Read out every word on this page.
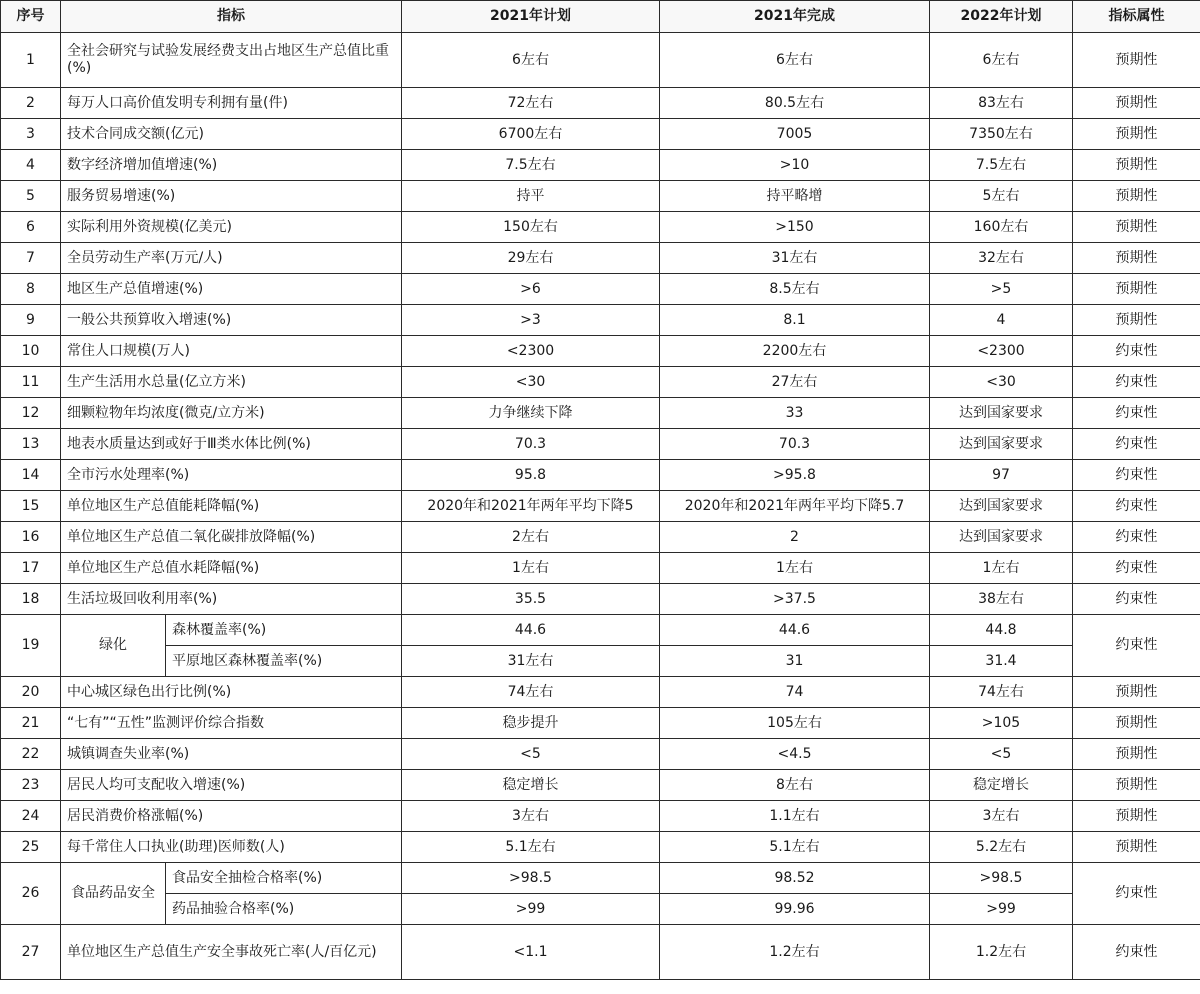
序号	指标		2021年计划	2021年完成	2022年计划	指标属性
1	全社会研究与试验发展经费支出占地区生产总值比重(%)		6左右	6左右	6左右	预期性
2	每万人口高价值发明专利拥有量(件)		72左右	80.5左右	83左右	预期性
3	技术合同成交额(亿元)		6700左右	7005	7350左右	预期性
4	数字经济增加值增速(%)		7.5左右	>10	7.5左右	预期性
5	服务贸易增速(%)		持平	持平略增	5左右	预期性
6	实际利用外资规模(亿美元)		150左右	>150	160左右	预期性
7	全员劳动生产率(万元/人)		29左右	31左右	32左右	预期性
8	地区生产总值增速(%)		>6	8.5左右	>5	预期性
9	一般公共预算收入增速(%)		>3	8.1	4	预期性
10	常住人口规模(万人)		<2300	2200左右	<2300	约束性
11	生产生活用水总量(亿立方米)		<30	27左右	<30	约束性
12	细颗粒物年均浓度(微克/立方米)		力争继续下降	33	达到国家要求	约束性
13	地表水质量达到或好于Ⅲ类水体比例(%)		70.3	70.3	达到国家要求	约束性
14	全市污水处理率(%)		95.8	>95.8	97	约束性
15	单位地区生产总值能耗降幅(%)		2020年和2021年两年平均下降5	2020年和2021年两年平均下降5.7	达到国家要求	约束性
16	单位地区生产总值二氧化碳排放降幅(%)		2左右	2	达到国家要求	约束性
17	单位地区生产总值水耗降幅(%)		1左右	1左右	1左右	约束性
18	生活垃圾回收利用率(%)		35.5	>37.5	38左右	约束性
19	绿化	森林覆盖率(%)	44.6	44.6	44.8	约束性
		平原地区森林覆盖率(%)	31左右	31	31.4	
20	中心城区绿色出行比例(%)		74左右	74	74左右	预期性
21	“七有”“五性”监测评价综合指数		稳步提升	105左右	>105	预期性
22	城镇调查失业率(%)		<5	<4.5	<5	预期性
23	居民人均可支配收入增速(%)		稳定增长	8左右	稳定增长	预期性
24	居民消费价格涨幅(%)		3左右	1.1左右	3左右	预期性
25	每千常住人口执业(助理)医师数(人)		5.1左右	5.1左右	5.2左右	预期性
26	食品药品安全	食品安全抽检合格率(%)	>98.5	98.52	>98.5	约束性
		药品抽验合格率(%)	>99	99.96	>99	
27	单位地区生产总值生产安全事故死亡率(人/百亿元)		<1.1	1.2左右	1.2左右	约束性
